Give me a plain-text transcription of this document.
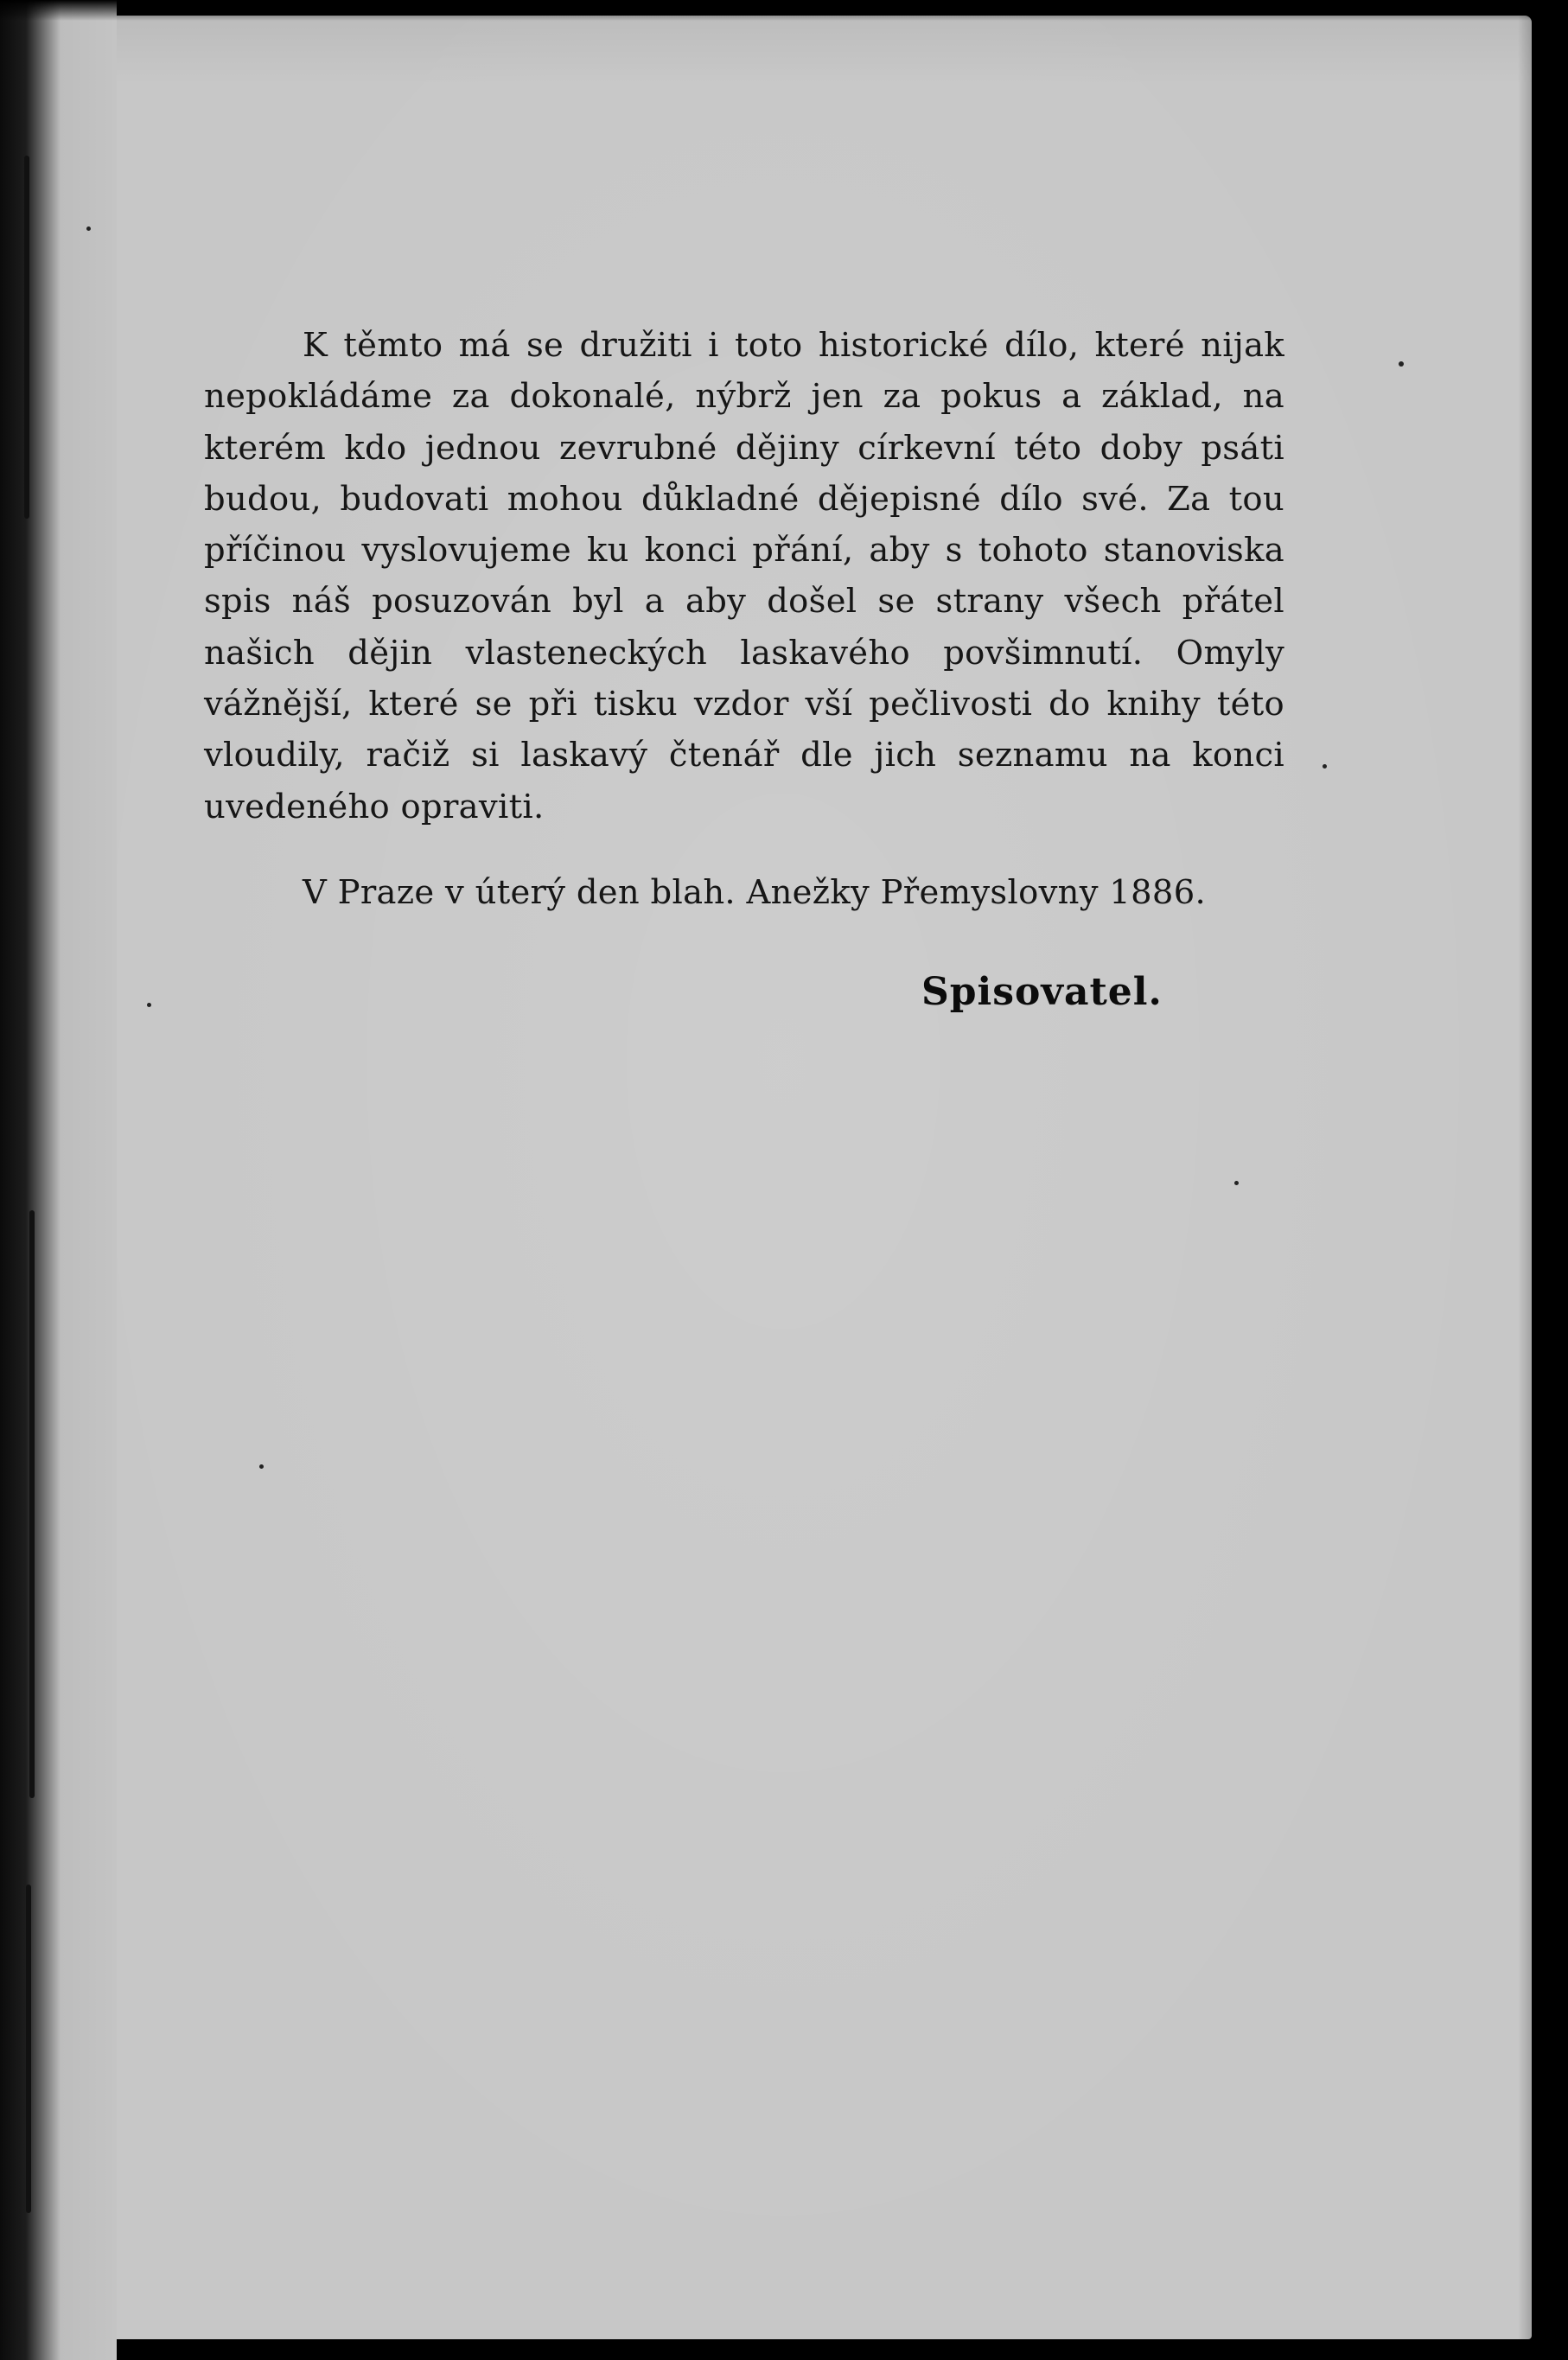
K těmto má se družiti i toto historické dílo, které nijak nepokládáme za dokonalé, nýbrž jen za pokus a základ, na kterém kdo jednou zevrubné dějiny církevní této doby psáti budou, budovati mohou důkladné dějepisné dílo své. Za tou příčinou vyslovujeme ku konci přání, aby s tohoto stanoviska spis náš posuzován byl a aby došel se strany všech přátel našich dějin vlasteneckých laskavého povšimnutí. Omyly vážnější, které se při tisku vzdor vší pečlivosti do knihy této vloudily, račiž si laskavý čtenář dle jich seznamu na konci uvedeného opraviti.

V Praze v úterý den blah. Anežky Přemyslovny 1886.

Spisovatel.
